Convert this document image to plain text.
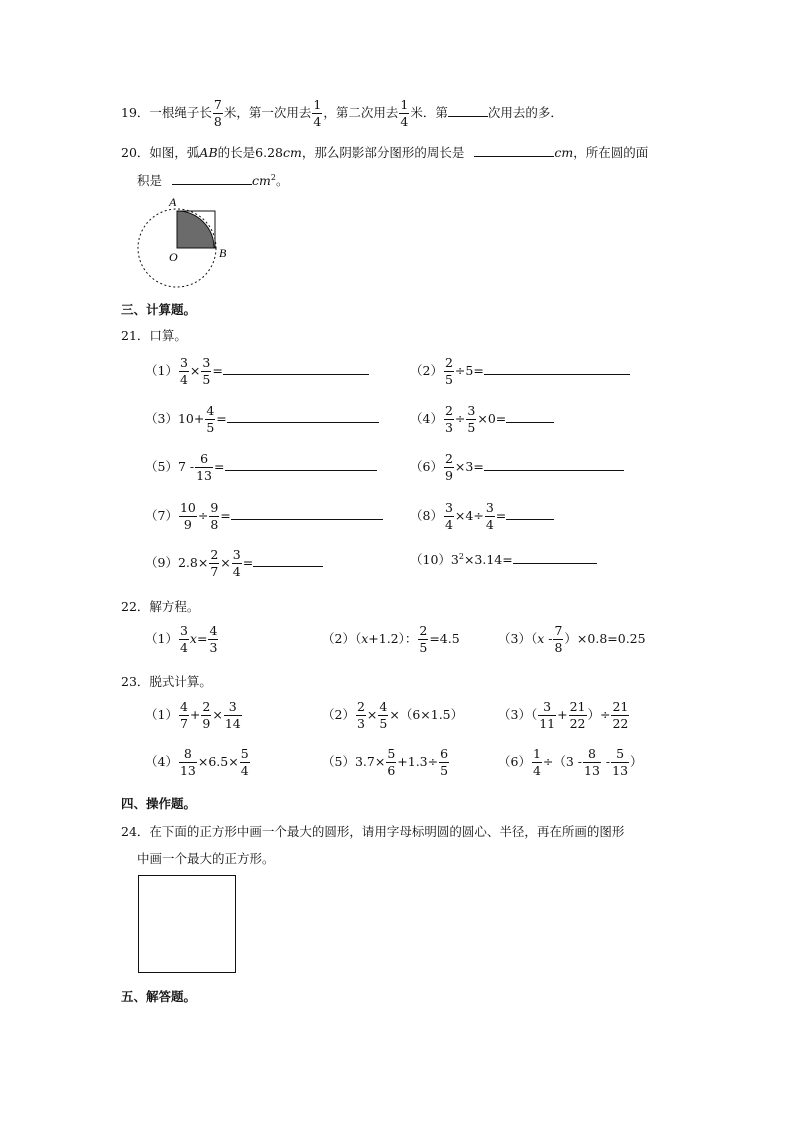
19．一根绳子长 $\frac{7}{8}$ 米，第一次用去 $\frac{1}{4}$ ，第二次用去 $\frac{1}{4}$ 米．第	次用去的多．
20．如图，弧AB的长是6.28cm，那么阴影部分图形的周长是	cm，所在圆的面
积是	$cm^2$。
A
O	B
三、计算题。
21．口算。
$(1) \frac{3}{4} \times \frac{3}{5}$ =	$(2) \frac{2}{5} \div 5=$
$(3)10+ \frac{4}{5}$ =	$(4) \frac{2}{3} \div \frac{3}{5} \times 0=$
$(5)7 - \frac{6}{13}$ =	$(6) \frac{2}{9} \times 3=$
$(7) \frac{10}{9} \div \frac{9}{8}$ =	$(8) \frac{3}{4} \times 4\div \frac{3}{4}$ =
$(9)2.8\times \frac{2}{7} \times \frac{3}{4}$ =	$(10)3^2\times 3.14=$
22．解方程。
$(1) \frac{3}{4} x= \frac{4}{3}$	（2）（x+1.2）： $\frac{2}{5} =4.5$	$(3)(x - \frac{7}{8} )\times 0.8=0.25$
23．脱式计算。
$(1) \frac{4}{7} + \frac{2}{9} \times \frac{3}{14}$	$(2) \frac{2}{3} \times \frac{4}{5} \times(6\times 1.5)$	$(3)( \frac{3}{11} + \frac{21}{22}$ ）÷ $\frac{21}{22}$
$(4) \frac{8}{13} \times 6.5\times \frac{5}{4}$	$(5)3.7\times \frac{5}{6} +1.3\div \frac{6}{5}$	$(6) \frac{1}{4} \div(3 - \frac{8}{13} - \frac{5}{13}$ ）
四、操作题。
24．在下面的正方形中画一个最大的圆形，请用字母标明圆的圆心、半径，再在所画的图形
中画一个最大的正方形。
五、解答题。
